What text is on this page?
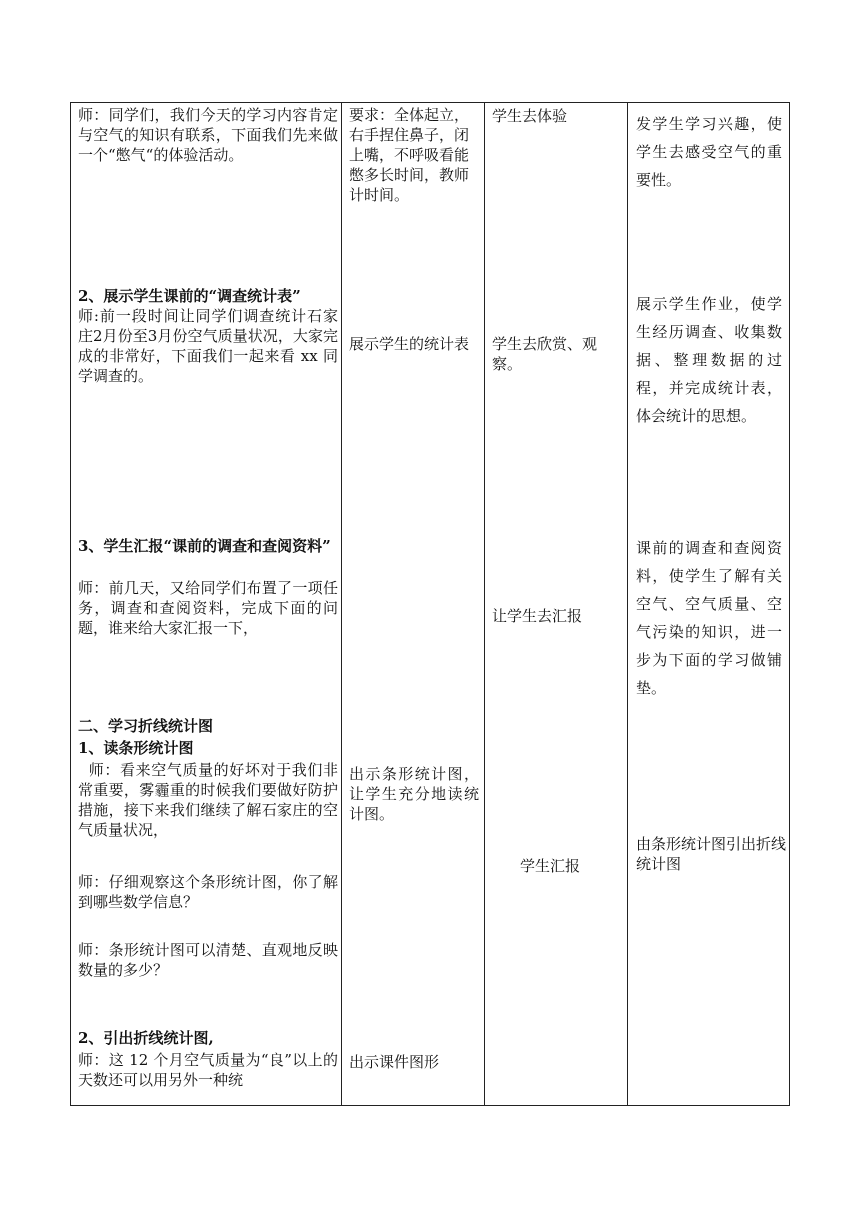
师：同学们，我们今天的学习内容肯定与空气的知识有联系，下面我们先来做一个“憋气“的体验活动。
2、展示学生课前的“调查统计表”
师:前一段时间让同学们调查统计石家庄2月份至3月份空气质量状况，大家完成的非常好，下面我们一起来看 xx 同学调查的。
3、学生汇报“课前的调查和查阅资料”
师：前几天，又给同学们布置了一项任务，调查和查阅资料，完成下面的问题，谁来给大家汇报一下，
二、学习折线统计图
1、读条形统计图
师：看来空气质量的好坏对于我们非常重要，雾霾重的时候我们要做好防护措施，接下来我们继续了解石家庄的空气质量状况，
师：仔细观察这个条形统计图，你了解到哪些数学信息？
师：条形统计图可以清楚、直观地反映数量的多少？
2、引出折线统计图,
师：这 12 个月空气质量为“良”以上的天数还可以用另外一种统
要求：全体起立，右手捏住鼻子，闭上嘴，不呼吸看能憋多长时间，教师计时间。
展示学生的统计表
出示条形统计图，让学生充分地读统计图。
出示课件图形
学生去体验
学生去欣赏、观察。
让学生去汇报
学生汇报
发学生学习兴趣，使学生去感受空气的重要性。
展示学生作业，使学生经历调查、收集数据、整理数据的过程，并完成统计表，体会统计的思想。
课前的调查和查阅资料，使学生了解有关空气、空气质量、空气污染的知识，进一步为下面的学习做铺垫。
由条形统计图引出折线统计图
